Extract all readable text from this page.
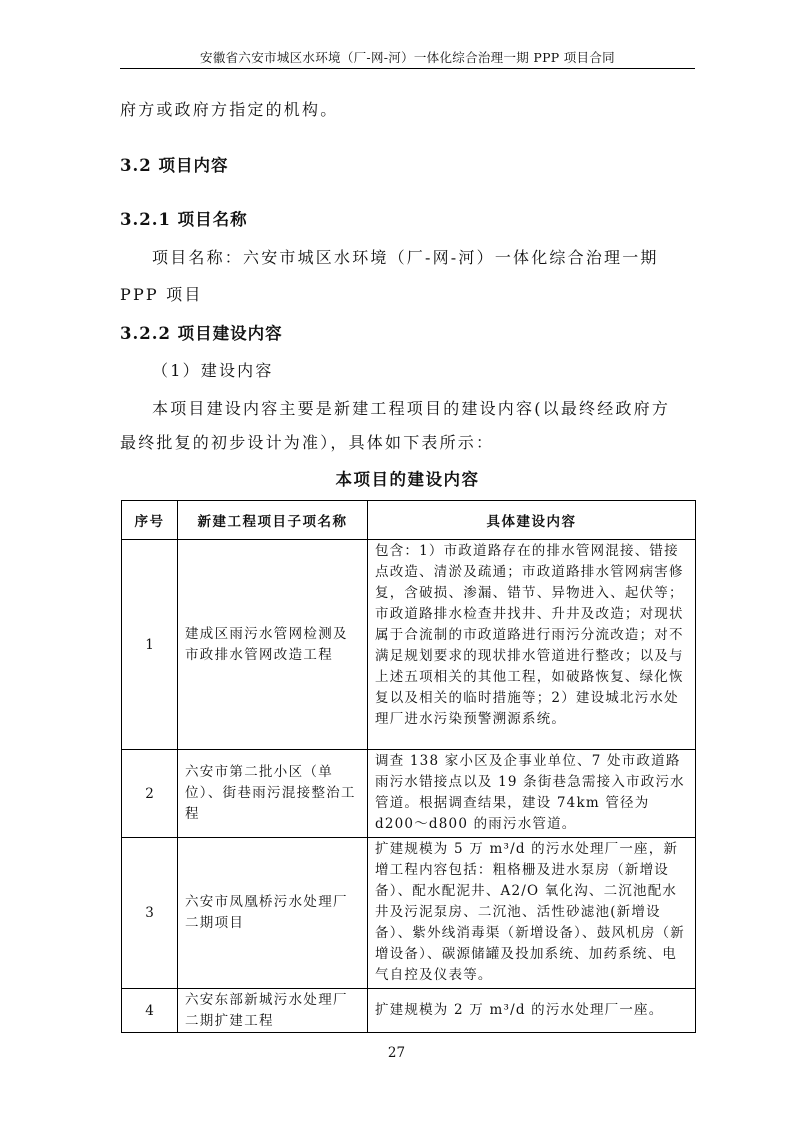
安徽省六安市城区水环境（厂-网-河）一体化综合治理一期 PPP 项目合同
府方或政府方指定的机构。
3.2 项目内容
3.2.1 项目名称
项目名称：六安市城区水环境（厂-网-河）一体化综合治理一期
PPP 项目
3.2.2 项目建设内容
（1）建设内容
本项目建设内容主要是新建工程项目的建设内容(以最终经政府方
最终批复的初步设计为准），具体如下表所示：
本项目的建设内容
序号	新建工程项目子项名称	具体建设内容
1	建成区雨污水管网检测及市政排水管网改造工程	包含：1）市政道路存在的排水管网混接、错接点改造、清淤及疏通；市政道路排水管网病害修复，含破损、渗漏、错节、异物进入、起伏等； 市政道路排水检查井找井、升井及改造；对现状属于合流制的市政道路进行雨污分流改造；对不满足规划要求的现状排水管道进行整改；以及与上述五项相关的其他工程，如破路恢复、绿化恢复以及相关的临时措施等；2）建设城北污水处理厂进水污染预警溯源系统。
2	六安市第二批小区（单位）、街巷雨污混接整治工程	调查 138 家小区及企事业单位、7 处市政道路雨污水错接点以及 19 条街巷急需接入市政污水管道。根据调查结果，建设 74km 管径为 d200～d800 的雨污水管道。
3	六安市凤凰桥污水处理厂二期项目	扩建规模为 5 万 m³/d 的污水处理厂一座，新增工程内容包括：粗格栅及进水泵房（新增设备）、配水配泥井、A2/O 氧化沟、二沉池配水井及污泥泵房、二沉池、活性砂滤池(新增设备）、紫外线消毒渠（新增设备）、鼓风机房（新增设备）、碳源储罐及投加系统、加药系统、电气自控及仪表等。
4	六安东部新城污水处理厂二期扩建工程	扩建规模为 2 万 m³/d 的污水处理厂一座。
27
